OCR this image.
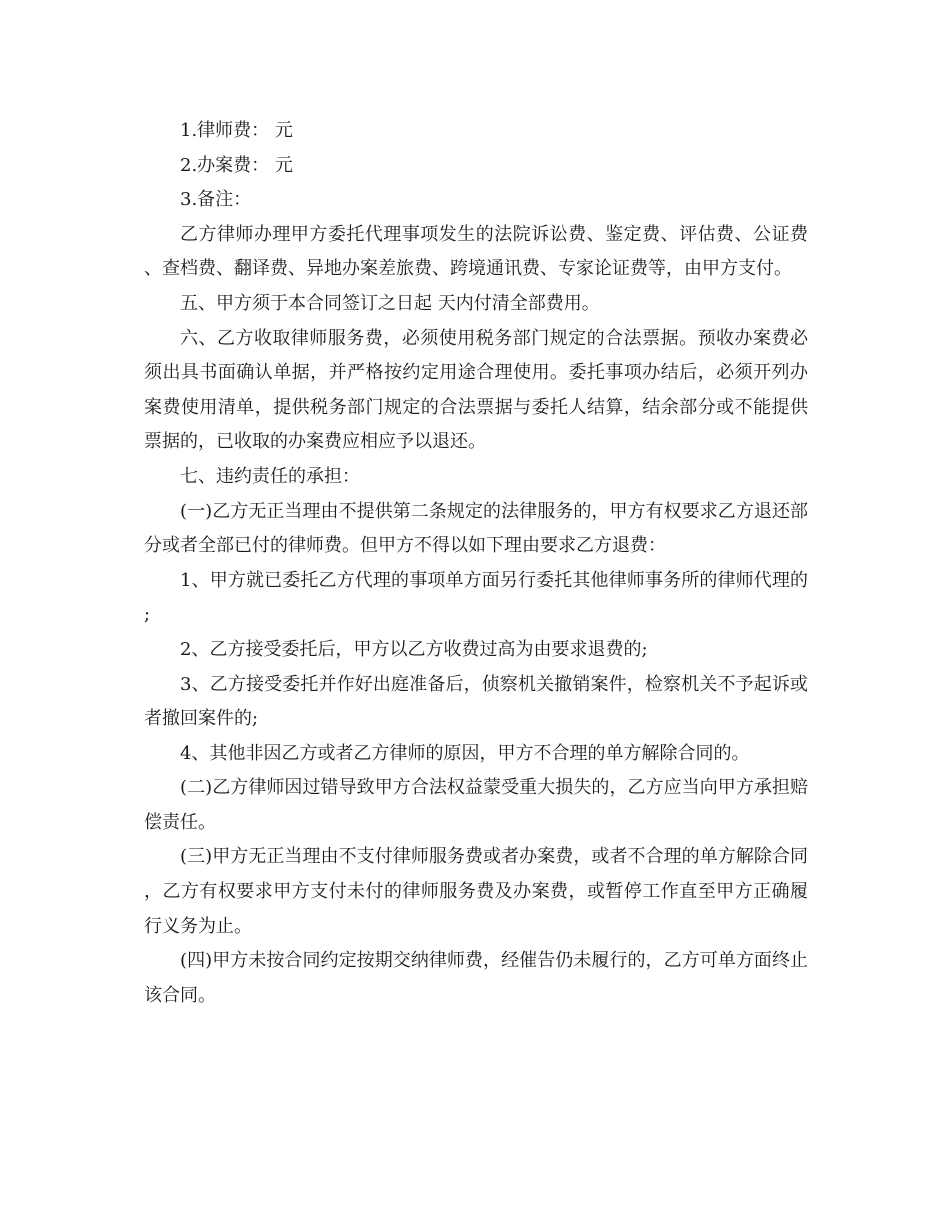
1.律师费： 元

2.办案费： 元

3.备注：

乙方律师办理甲方委托代理事项发生的法院诉讼费、鉴定费、评估费、公证费、查档费、翻译费、异地办案差旅费、跨境通讯费、专家论证费等，由甲方支付。

五、甲方须于本合同签订之日起 天内付清全部费用。

六、乙方收取律师服务费，必须使用税务部门规定的合法票据。预收办案费必须出具书面确认单据，并严格按约定用途合理使用。委托事项办结后，必须开列办案费使用清单，提供税务部门规定的合法票据与委托人结算，结余部分或不能提供票据的，已收取的办案费应相应予以退还。

七、违约责任的承担：

(一)乙方无正当理由不提供第二条规定的法律服务的，甲方有权要求乙方退还部分或者全部已付的律师费。但甲方不得以如下理由要求乙方退费：

1、甲方就已委托乙方代理的事项单方面另行委托其他律师事务所的律师代理的;

2、乙方接受委托后，甲方以乙方收费过高为由要求退费的;

3、乙方接受委托并作好出庭准备后，侦察机关撤销案件，检察机关不予起诉或者撤回案件的;

4、其他非因乙方或者乙方律师的原因，甲方不合理的单方解除合同的。

(二)乙方律师因过错导致甲方合法权益蒙受重大损失的，乙方应当向甲方承担赔偿责任。

(三)甲方无正当理由不支付律师服务费或者办案费，或者不合理的单方解除合同，乙方有权要求甲方支付未付的律师服务费及办案费，或暂停工作直至甲方正确履行义务为止。

(四)甲方未按合同约定按期交纳律师费，经催告仍未履行的，乙方可单方面终止该合同。
